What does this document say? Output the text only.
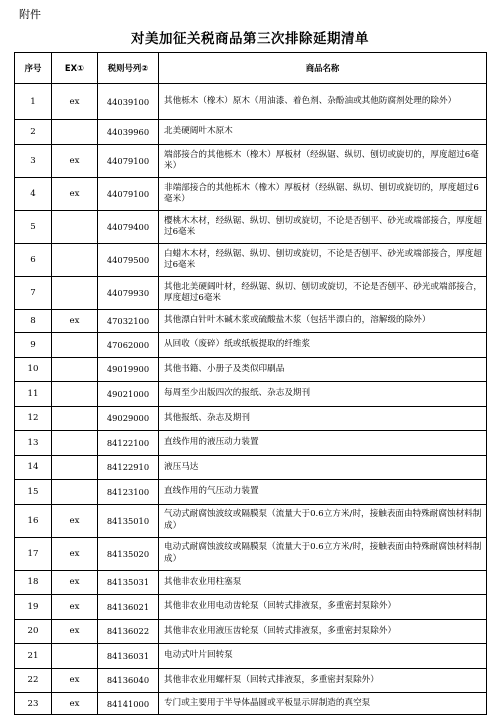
附件
对美加征关税商品第三次排除延期清单
序号	EX①	税则号列②	商品名称
1	ex	44039100	其他栎木（橡木）原木（用油漆、着色剂、杂酚油或其他防腐剂处理的除外）
2		44039960	北美硬阔叶木原木
3	ex	44079100	端部接合的其他栎木（橡木）厚板材（经纵锯、纵切、刨切或旋切的，厚度超过6毫米）
4	ex	44079100	非端部接合的其他栎木（橡木）厚板材（经纵锯、纵切、刨切或旋切的，厚度超过6毫米）
5		44079400	樱桃木木材，经纵锯、纵切、刨切或旋切，不论是否刨平、砂光或端部接合，厚度超过6毫米
6		44079500	白蜡木木材，经纵锯、纵切、刨切或旋切，不论是否刨平、砂光或端部接合，厚度超过6毫米
7		44079930	其他北美硬阔叶材，经纵锯、纵切、刨切或旋切，不论是否刨平、砂光或端部接合，厚度超过6毫米
8	ex	47032100	其他漂白针叶木碱木浆或硫酸盐木浆（包括半漂白的，溶解级的除外）
9		47062000	从回收（废碎）纸或纸板提取的纤维浆
10		49019900	其他书籍、小册子及类似印刷品
11		49021000	每周至少出版四次的报纸、杂志及期刊
12		49029000	其他报纸、杂志及期刊
13		84122100	直线作用的液压动力装置
14		84122910	液压马达
15		84123100	直线作用的气压动力装置
16	ex	84135010	气动式耐腐蚀波纹或隔膜泵（流量大于0.6立方米/时，接触表面由特殊耐腐蚀材料制成）
17	ex	84135020	电动式耐腐蚀波纹或隔膜泵（流量大于0.6立方米/时，接触表面由特殊耐腐蚀材料制成）
18	ex	84135031	其他非农业用柱塞泵
19	ex	84136021	其他非农业用电动齿轮泵（回转式排液泵，多重密封泵除外）
20	ex	84136022	其他非农业用液压齿轮泵（回转式排液泵，多重密封泵除外）
21		84136031	电动式叶片回转泵
22	ex	84136040	其他非农业用螺杆泵（回转式排液泵，多重密封泵除外）
23	ex	84141000	专门或主要用于半导体晶圆或平板显示屏制造的真空泵
